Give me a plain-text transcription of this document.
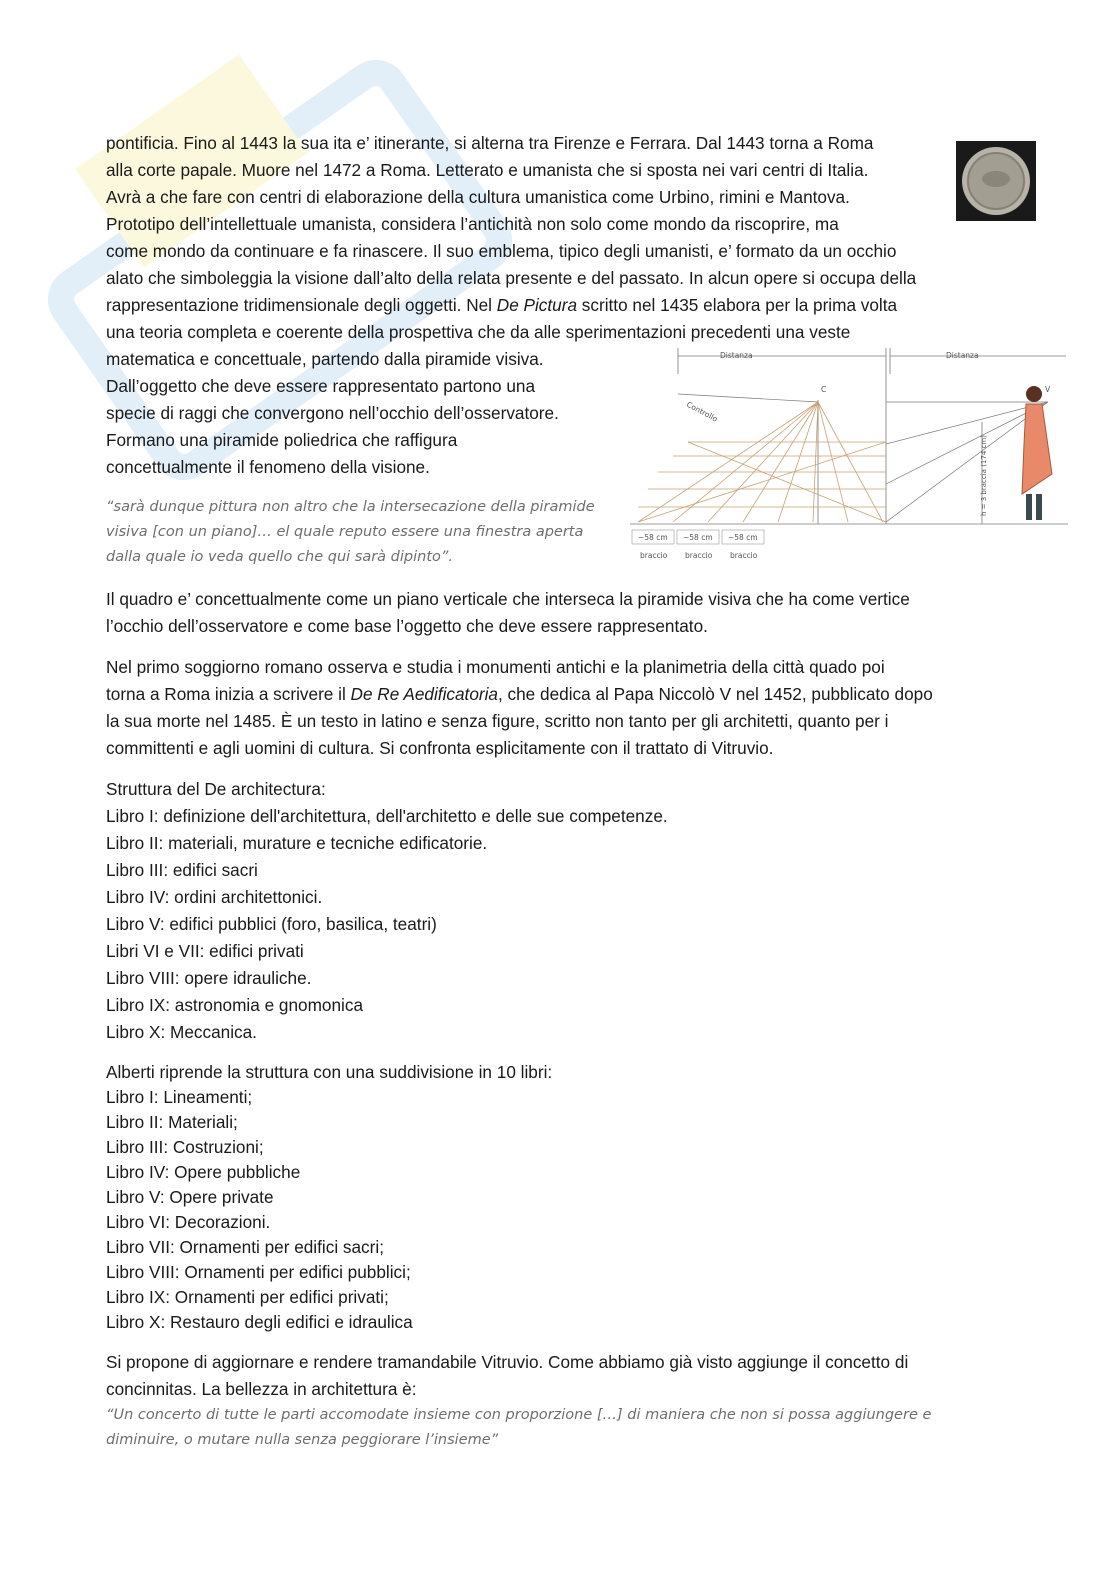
Distanza	Distanza
C	V
Controllo
h = 3 braccia (174 cm)
~58 cm ~58 cm ~58 cm
braccio braccio braccio

pontificia. Fino al 1443 la sua ita e’ itinerante, si alterna tra Firenze e Ferrara. Dal 1443 torna a Roma

alla corte papale. Muore nel 1472 a Roma. Letterato e umanista che si sposta nei vari centri di Italia.

Avrà a che fare con centri di elaborazione della cultura umanistica come Urbino, rimini e Mantova.

Prototipo dell’intellettuale umanista, considera l’antichità non solo come mondo da riscoprire, ma

come mondo da continuare e fa rinascere. Il suo emblema, tipico degli umanisti, e’ formato da un occhio

alato che simboleggia la visione dall’alto della relata presente e del passato. In alcun opere si occupa della

rappresentazione tridimensionale degli oggetti. Nel De Pictura scritto nel 1435 elabora per la prima volta

una teoria completa e coerente della prospettiva che da alle sperimentazioni precedenti una veste

matematica e concettuale, partendo dalla piramide visiva.

Dall’oggetto che deve essere rappresentato partono una

specie di raggi che convergono nell’occhio dell’osservatore.

Formano una piramide poliedrica che raffigura

concettualmente il fenomeno della visione.

“sarà dunque pittura non altro che la intersecazione della piramide

visiva [con un piano]… el quale reputo essere una finestra aperta

dalla quale io veda quello che qui sarà dipinto”.

Il quadro e’ concettualmente come un piano verticale che interseca la piramide visiva che ha come vertice

l’occhio dell’osservatore e come base l’oggetto che deve essere rappresentato.

Nel primo soggiorno romano osserva e studia i monumenti antichi e la planimetria della città quado poi

torna a Roma inizia a scrivere il De Re Aedificatoria, che dedica al Papa Niccolò V nel 1452, pubblicato dopo

la sua morte nel 1485. È un testo in latino e senza figure, scritto non tanto per gli architetti, quanto per i

committenti e agli uomini di cultura. Si confronta esplicitamente con il trattato di Vitruvio.

Struttura del De architectura:

Libro I: definizione dell'architettura, dell'architetto e delle sue competenze.

Libro II: materiali, murature e tecniche edificatorie.

Libro III: edifici sacri

Libro IV: ordini architettonici.

Libro V: edifici pubblici (foro, basilica, teatri)

Libri VI e VII: edifici privati

Libro VIII: opere idrauliche.

Libro IX: astronomia e gnomonica

Libro X: Meccanica.

Alberti riprende la struttura con una suddivisione in 10 libri:

Libro I: Lineamenti;

Libro II: Materiali;

Libro III: Costruzioni;

Libro IV: Opere pubbliche

Libro V: Opere private

Libro VI: Decorazioni.

Libro VII: Ornamenti per edifici sacri;

Libro VIII: Ornamenti per edifici pubblici;

Libro IX: Ornamenti per edifici privati;

Libro X: Restauro degli edifici e idraulica

Si propone di aggiornare e rendere tramandabile Vitruvio. Come abbiamo già visto aggiunge il concetto di

concinnitas. La bellezza in architettura è:

“Un concerto di tutte le parti accomodate insieme con proporzione […] di maniera che non si possa aggiungere e

diminuire, o mutare nulla senza peggiorare l’insieme”
